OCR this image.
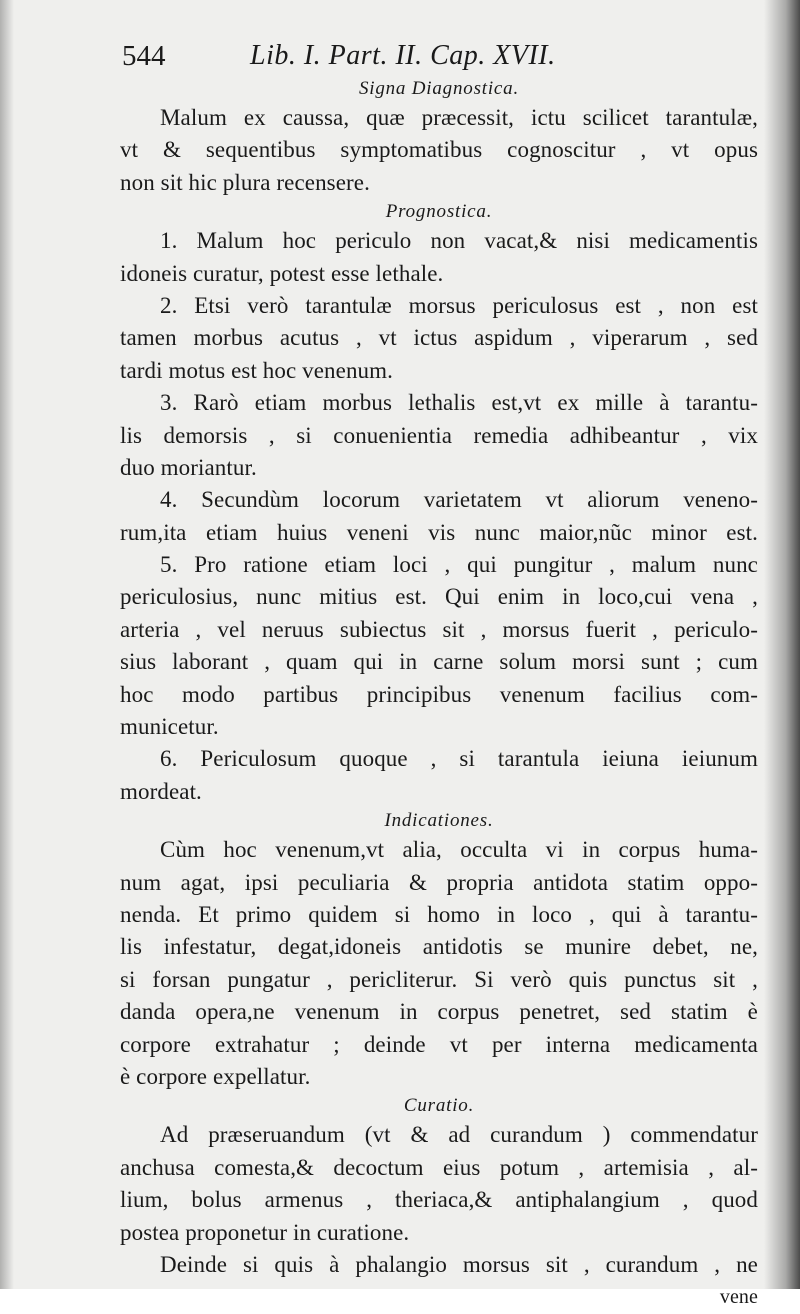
544	Lib. I. Part. II. Cap. XVII.
Signa Diagnostica.
Malum ex caussa, quæ præcessit, ictu scilicet tarantulæ,
vt & sequentibus symptomatibus cognoscitur , vt opus
non sit hic plura recensere.
Prognostica.
1. Malum hoc periculo non vacat,& nisi medicamentis
idoneis curatur, potest esse lethale.
2. Etsi verò tarantulæ morsus periculosus est , non est
tamen morbus acutus , vt ictus aspidum , viperarum , sed
tardi motus est hoc venenum.
3. Rarò etiam morbus lethalis est,vt ex mille à tarantu-
lis demorsis , si conuenientia remedia adhibeantur , vix
duo moriantur.
4. Secundùm locorum varietatem vt aliorum veneno-
rum,ita etiam huius veneni vis nunc maior,nũc minor est.
5. Pro ratione etiam loci , qui pungitur , malum nunc
periculosius, nunc mitius est. Qui enim in loco,cui vena ,
arteria , vel neruus subiectus sit , morsus fuerit , periculo-
sius laborant , quam qui in carne solum morsi sunt ; cum
hoc modo partibus principibus venenum facilius com-
municetur.
6. Periculosum quoque , si tarantula ieiuna ieiunum
mordeat.
Indicationes.
Cùm hoc venenum,vt alia, occulta vi in corpus huma-
num agat, ipsi peculiaria & propria antidota statim oppo-
nenda. Et primo quidem si homo in loco , qui à tarantu-
lis infestatur, degat,idoneis antidotis se munire debet, ne,
si forsan pungatur , pericliterur. Si verò quis punctus sit ,
danda opera,ne venenum in corpus penetret, sed statim è
corpore extrahatur ; deinde vt per interna medicamenta
è corpore expellatur.
Curatio.
Ad præseruandum (vt & ad curandum ) commendatur
anchusa comesta,& decoctum eius potum , artemisia , al-
lium, bolus armenus , theriaca,& antiphalangium , quod
postea proponetur in curatione.
Deinde si quis à phalangio morsus sit , curandum , ne
vene
